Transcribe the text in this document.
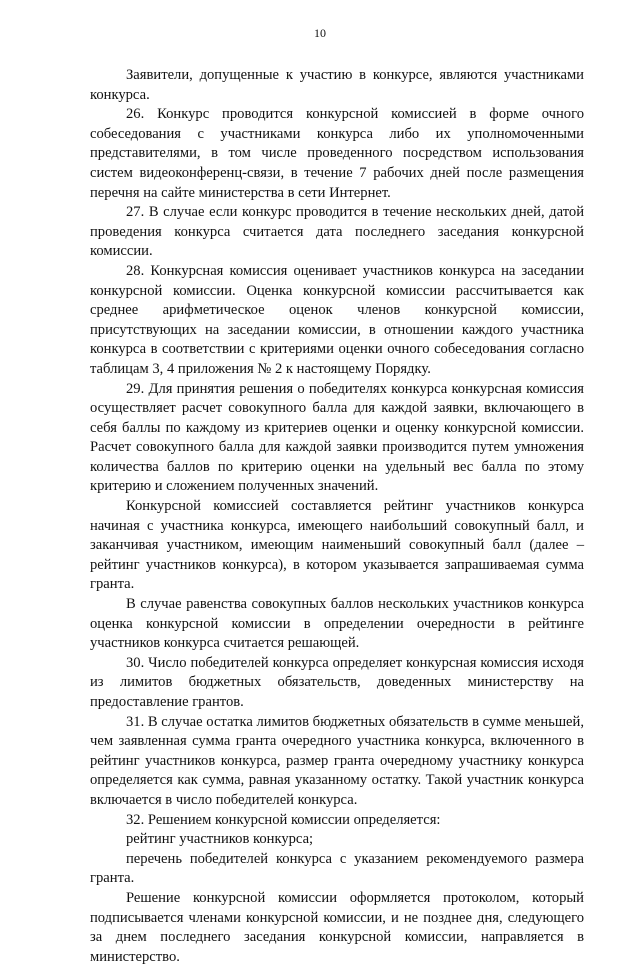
10

Заявители, допущенные к участию в конкурсе, являются участниками конкурса.

26. Конкурс проводится конкурсной комиссией в форме очного собеседования с участниками конкурса либо их уполномоченными представителями, в том числе проведенного посредством использования систем видеоконференц-связи, в течение 7 рабочих дней после размещения перечня на сайте министерства в сети Интернет.

27. В случае если конкурс проводится в течение нескольких дней, датой проведения конкурса считается дата последнего заседания конкурсной комиссии.

28. Конкурсная комиссия оценивает участников конкурса на заседании конкурсной комиссии. Оценка конкурсной комиссии рассчитывается как среднее арифметическое оценок членов конкурсной комиссии, присутствующих на заседании комиссии, в отношении каждого участника конкурса в соответствии с критериями оценки очного собеседования согласно таблицам 3, 4 приложения № 2 к настоящему Порядку.

29. Для принятия решения о победителях конкурса конкурсная комиссия осуществляет расчет совокупного балла для каждой заявки, включающего в себя баллы по каждому из критериев оценки и оценку конкурсной комиссии. Расчет совокупного балла для каждой заявки производится путем умножения количества баллов по критерию оценки на удельный вес балла по этому критерию и сложением полученных значений.

Конкурсной комиссией составляется рейтинг участников конкурса начиная с участника конкурса, имеющего наибольший совокупный балл, и заканчивая участником, имеющим наименьший совокупный балл (далее – рейтинг участников конкурса), в котором указывается запрашиваемая сумма гранта.

В случае равенства совокупных баллов нескольких участников конкурса оценка конкурсной комиссии в определении очередности в рейтинге участников конкурса считается решающей.

30. Число победителей конкурса определяет конкурсная комиссия исходя из лимитов бюджетных обязательств, доведенных министерству на предоставление грантов.

31. В случае остатка лимитов бюджетных обязательств в сумме меньшей, чем заявленная сумма гранта очередного участника конкурса, включенного в рейтинг участников конкурса, размер гранта очередному участнику конкурса определяется как сумма, равная указанному остатку. Такой участник конкурса включается в число победителей конкурса.

32. Решением конкурсной комиссии определяется:

рейтинг участников конкурса;

перечень победителей конкурса с указанием рекомендуемого размера гранта.

Решение конкурсной комиссии оформляется протоколом, который подписывается членами конкурсной комиссии, и не позднее дня, следующего за днем последнего заседания конкурсной комиссии, направляется в министерство.
